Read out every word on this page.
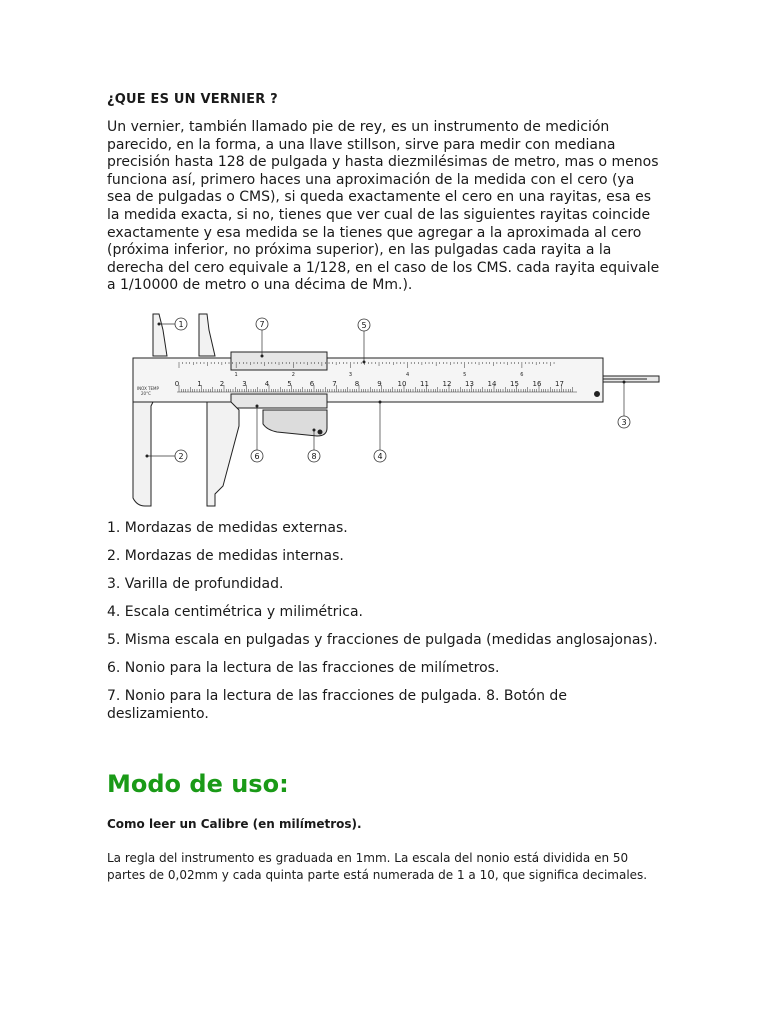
¿QUE ES UN VERNIER ?

Un vernier, también llamado pie de rey, es un instrumento de medición parecido, en la forma, a una llave stillson, sirve para medir con mediana precisión hasta 128 de pulgada y hasta diezmilésimas de metro, mas o menos funciona así, primero haces una aproximación de la medida con el cero (ya sea de pulgadas o CMS), si queda exactamente el cero en una rayitas, esa es la medida exacta, si no, tienes que ver cual de las siguientes rayitas coincide exactamente y esa medida se la tienes que agregar a la aproximada al cero (próxima inferior, no próxima superior), en las pulgadas cada rayita a la derecha del cero equivale a 1/128, en el caso de los CMS. cada rayita equivale a 1/10000 de metro o una décima de Mm.).

0	1	2	3	4	5	6	7	8	9 10 11 12 13 14 15 16 17
1	2	3	4	5	6
INOX TEMP
20°C
2
1
3
4
5
6
7
8
1. Mordazas de medidas externas.
2. Mordazas de medidas internas.
3. Varilla de profundidad.
4. Escala centimétrica y milimétrica.
5. Misma escala en pulgadas y fracciones de pulgada (medidas anglosajonas).
6. Nonio para la lectura de las fracciones de milímetros.
7. Nonio para la lectura de las fracciones de pulgada. 8. Botón de deslizamiento.
Modo de uso:

Como leer un Calibre (en milímetros).

La regla del instrumento es graduada en 1mm. La escala del nonio está dividida en 50 partes de 0,02mm y cada quinta parte está numerada de 1 a 10, que significa decimales.
